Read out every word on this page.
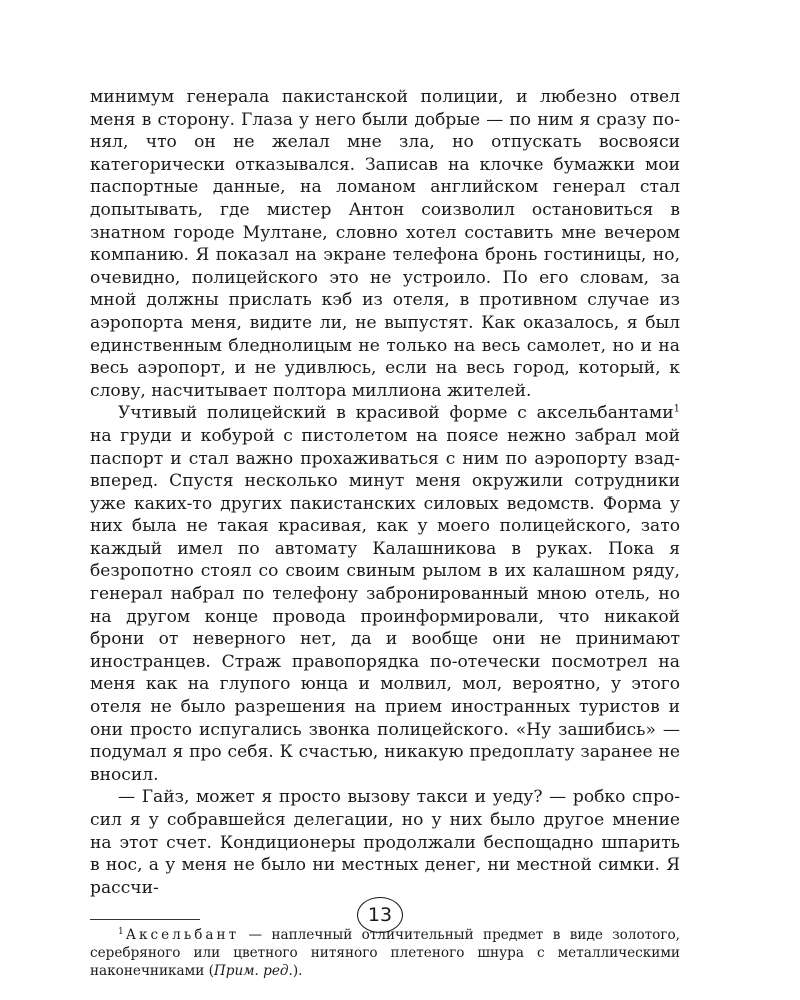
минимум генерала пакистанской полиции, и любезно отвел меня в сторону. Глаза у него были добрые — по ним я сразу понял, что он не желал мне зла, но отпускать восвояси категорически отказывался. Записав на клочке бумажки мои паспортные данные, на ломаном английском генерал стал допытывать, где мистер Антон соизволил остановиться в знатном городе Мултане, словно хотел составить мне вечером компанию. Я показал на экране телефона бронь гостиницы, но, очевидно, полицейского это не устроило. По его словам, за мной должны прислать кэб из отеля, в противном случае из аэропорта меня, видите ли, не выпустят. Как оказалось, я был единственным бледнолицым не только на весь самолет, но и на весь аэропорт, и не удивлюсь, если на весь город, который, к слову, насчитывает полтора миллиона жителей.

Учтивый полицейский в красивой форме с аксельбантами$^1$ на груди и кобурой с пистолетом на поясе нежно забрал мой паспорт и стал важно прохаживаться с ним по аэропорту взад-вперед. Спустя несколько минут меня окружили сотрудники уже каких-то других пакистанских силовых ведомств. Форма у них была не такая красивая, как у моего полицейского, зато каждый имел по автомату Калашникова в руках. Пока я безропотно стоял со своим свиным рылом в их калашном ряду, генерал набрал по телефону забронированный мною отель, но на другом конце провода проинформировали, что никакой брони от неверного нет, да и вообще они не принимают иностранцев. Страж правопорядка по-отечески посмотрел на меня как на глупого юнца и молвил, мол, вероятно, у этого отеля не было разрешения на прием иностранных туристов и они просто испугались звонка полицейского. «Ну зашибись» — подумал я про себя. К счастью, никакую предоплату заранее не вносил.

— Гайз, может я просто вызову такси и уеду? — робко спросил я у собравшейся делегации, но у них было другое мнение на этот счет. Кондиционеры продолжали беспощадно шпарить в нос, а у меня не было ни местных денег, ни местной симки. Я рассчи-

$^1$ Аксельбант — наплечный отличительный предмет в виде золотого, серебряного или цветного нитяного плетеного шнура с металлическими наконечниками (Прим. ред.).

13
